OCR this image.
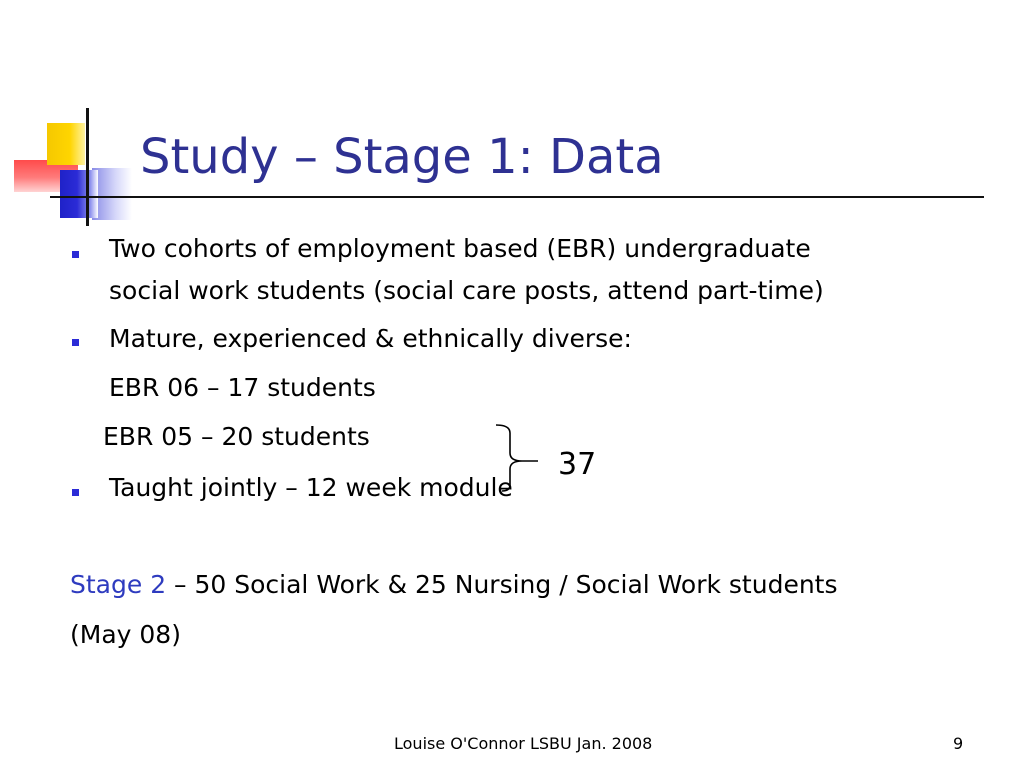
Study – Stage 1: Data
Two cohorts of employment based (EBR) undergraduate
social work students (social care posts, attend part-time)
Mature, experienced & ethnically diverse:
EBR 06 – 17 students
EBR 05 – 20 students
37
Taught jointly – 12 week module
Stage 2 – 50 Social Work & 25 Nursing / Social Work students
(May 08)
Louise O'Connor LSBU Jan. 2008	9
